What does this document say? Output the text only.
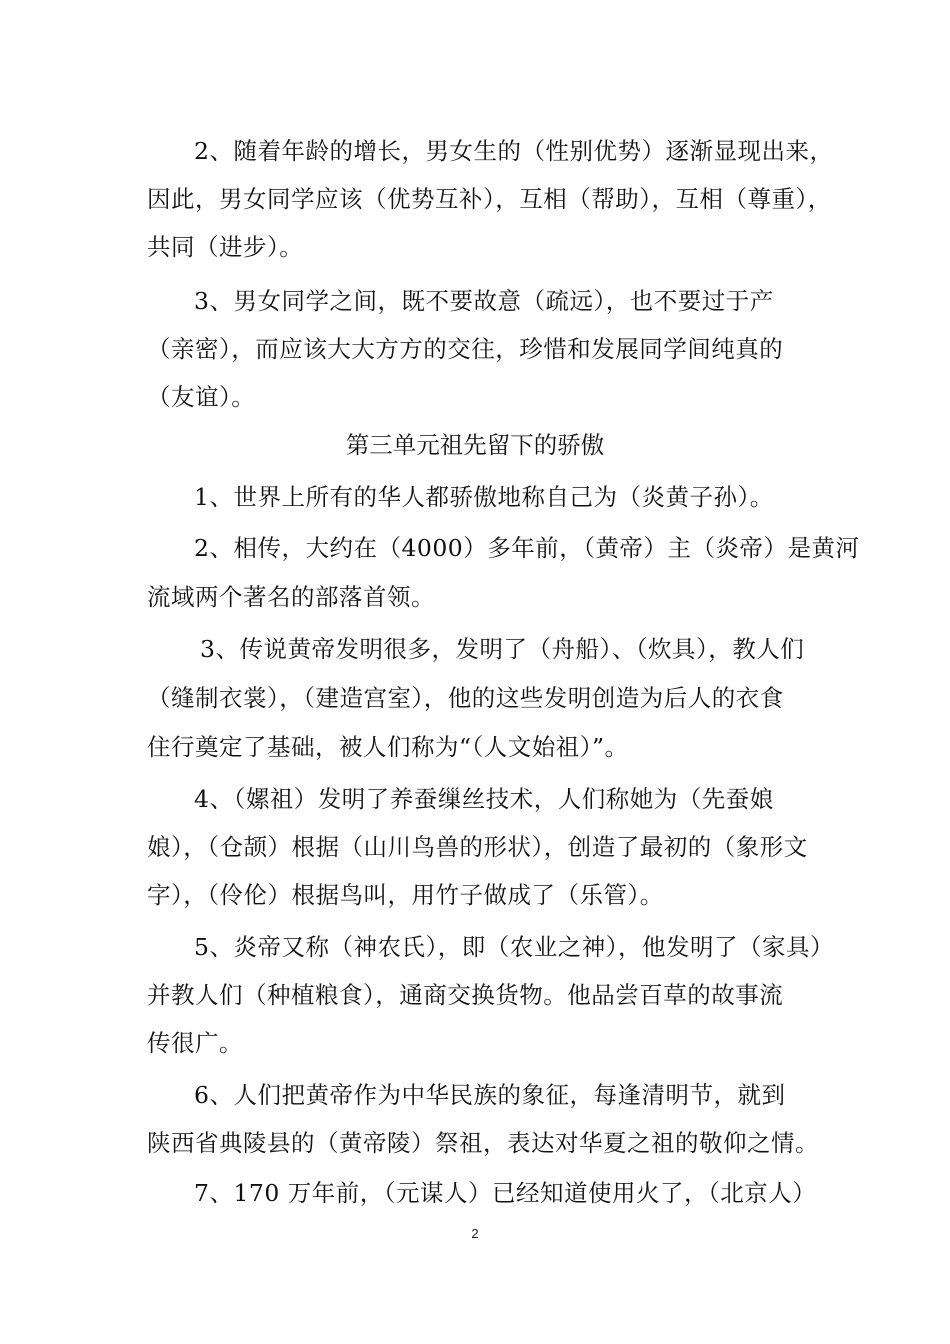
2、随着年龄的增长，男女生的（性别优势）逐渐显现出来，
因此，男女同学应该（优势互补），互相（帮助），互相（尊重），
共同（进步）。
3、男女同学之间，既不要故意（疏远），也不要过于产
（亲密），而应该大大方方的交往，珍惜和发展同学间纯真的
（友谊）。
第三单元祖先留下的骄傲
1、世界上所有的华人都骄傲地称自己为（炎黄子孙）。
2、相传，大约在（4000）多年前，（黄帝）主（炎帝）是黄河
流域两个著名的部落首领。
3、传说黄帝发明很多，发明了（舟船）、（炊具），教人们
（缝制衣裳），（建造宫室），他的这些发明创造为后人的衣食
住行奠定了基础，被人们称为“（人文始祖）”。
4、（嫘祖）发明了养蚕缫丝技术，人们称她为（先蚕娘
娘），（仓颉）根据（山川鸟兽的形状），创造了最初的（象形文
字），（伶伦）根据鸟叫，用竹子做成了（乐管）。
5、炎帝又称（神农氏），即（农业之神），他发明了（家具）
并教人们（种植粮食），通商交换货物。他品尝百草的故事流
传很广。
6、人们把黄帝作为中华民族的象征，每逢清明节，就到
陕西省典陵县的（黄帝陵）祭祖，表达对华夏之祖的敬仰之情。
7、170 万年前，（元谋人）已经知道使用火了，（北京人）
2
